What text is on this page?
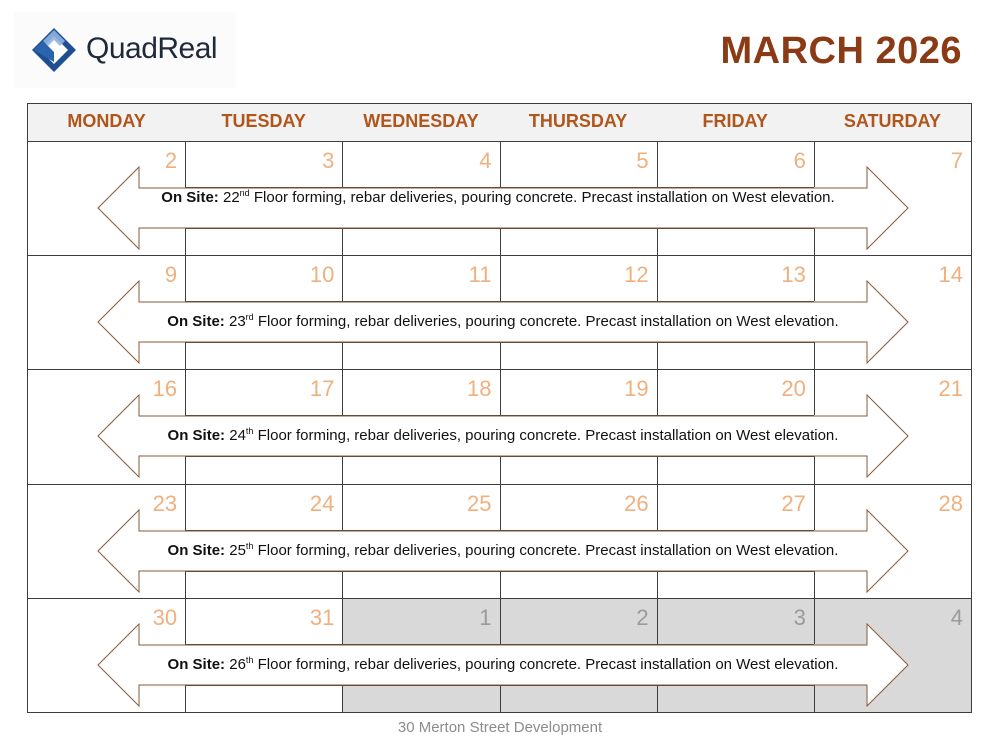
QuadReal	MARCH 2026
MONDAY	TUESDAY	WEDNESDAY	THURSDAY	FRIDAY	SATURDAY
2	3	4	5	6	7
On Site: 22nd Floor forming, rebar deliveries, pouring concrete. Precast installation on West elevation.
9	10	11	12	13	14
On Site: 23rd Floor forming, rebar deliveries, pouring concrete. Precast installation on West elevation.
16	17	18	19	20	21
On Site: 24th Floor forming, rebar deliveries, pouring concrete. Precast installation on West elevation.
23	24	25	26	27	28
On Site: 25th Floor forming, rebar deliveries, pouring concrete. Precast installation on West elevation.
30	31	1	2	3	4
On Site: 26th Floor forming, rebar deliveries, pouring concrete. Precast installation on West elevation.
30 Merton Street Development
